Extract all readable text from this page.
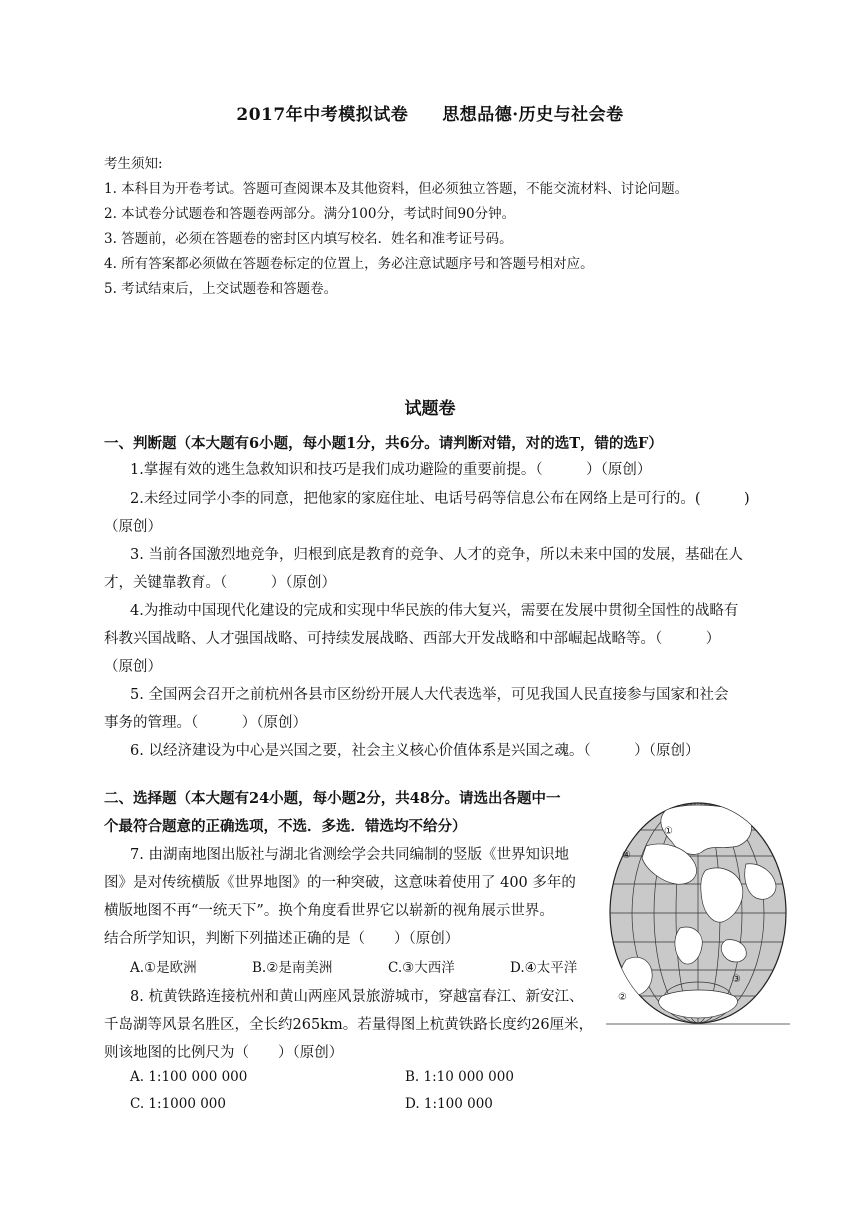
2017年中考模拟试卷 思想品德·历史与社会卷
考生须知:
1. 本科目为开卷考试。答题可查阅课本及其他资料，但必须独立答题，不能交流材料、讨论问题。
2. 本试卷分试题卷和答题卷两部分。满分100分，考试时间90分钟。
3. 答题前，必须在答题卷的密封区内填写校名．姓名和准考证号码。
4. 所有答案都必须做在答题卷标定的位置上，务必注意试题序号和答题号相对应。
5. 考试结束后，上交试题卷和答题卷。
试题卷
一、判断题（本大题有6小题，每小题1分，共6分。请判断对错，对的选T，错的选F）
1.掌握有效的逃生急救知识和技巧是我们成功避险的重要前提。（　　　）（原创）
2.未经过同学小李的同意，把他家的家庭住址、电话号码等信息公布在网络上是可行的。(　　　)
（原创）
3. 当前各国激烈地竞争，归根到底是教育的竞争、人才的竞争，所以未来中国的发展，基础在人
才，关键靠教育。（　　　）（原创）
4.为推动中国现代化建设的完成和实现中华民族的伟大复兴，需要在发展中贯彻全国性的战略有
科教兴国战略、人才强国战略、可持续发展战略、西部大开发战略和中部崛起战略等。（　　　）
（原创）
5. 全国两会召开之前杭州各县市区纷纷开展人大代表选举，可见我国人民直接参与国家和社会
事务的管理。（　　　）（原创）
6. 以经济建设为中心是兴国之要，社会主义核心价值体系是兴国之魂。（　　　）（原创）
二、选择题（本大题有24小题，每小题2分，共48分。请选出各题中一
个最符合题意的正确选项，不选．多选．错选均不给分）
7. 由湖南地图出版社与湖北省测绘学会共同编制的竖版《世界知识地
图》是对传统横版《世界地图》的一种突破，这意味着使用了 400 多年的
横版地图不再“一统天下”。换个角度看世界它以崭新的视角展示世界。
结合所学知识，判断下列描述正确的是（　　）（原创）
A.①是欧洲	B.②是南美洲	C.③大西洋	D.④太平洋
8. 杭黄铁路连接杭州和黄山两座风景旅游城市，穿越富春江、新安江、
千岛湖等风景名胜区，全长约265km。若量得图上杭黄铁路长度约26厘米，
则该地图的比例尺为（　　）（原创）
A. 1:100 000 000	B. 1:10 000 000
C. 1:1000 000	D. 1:100 000
①
④
②
③
